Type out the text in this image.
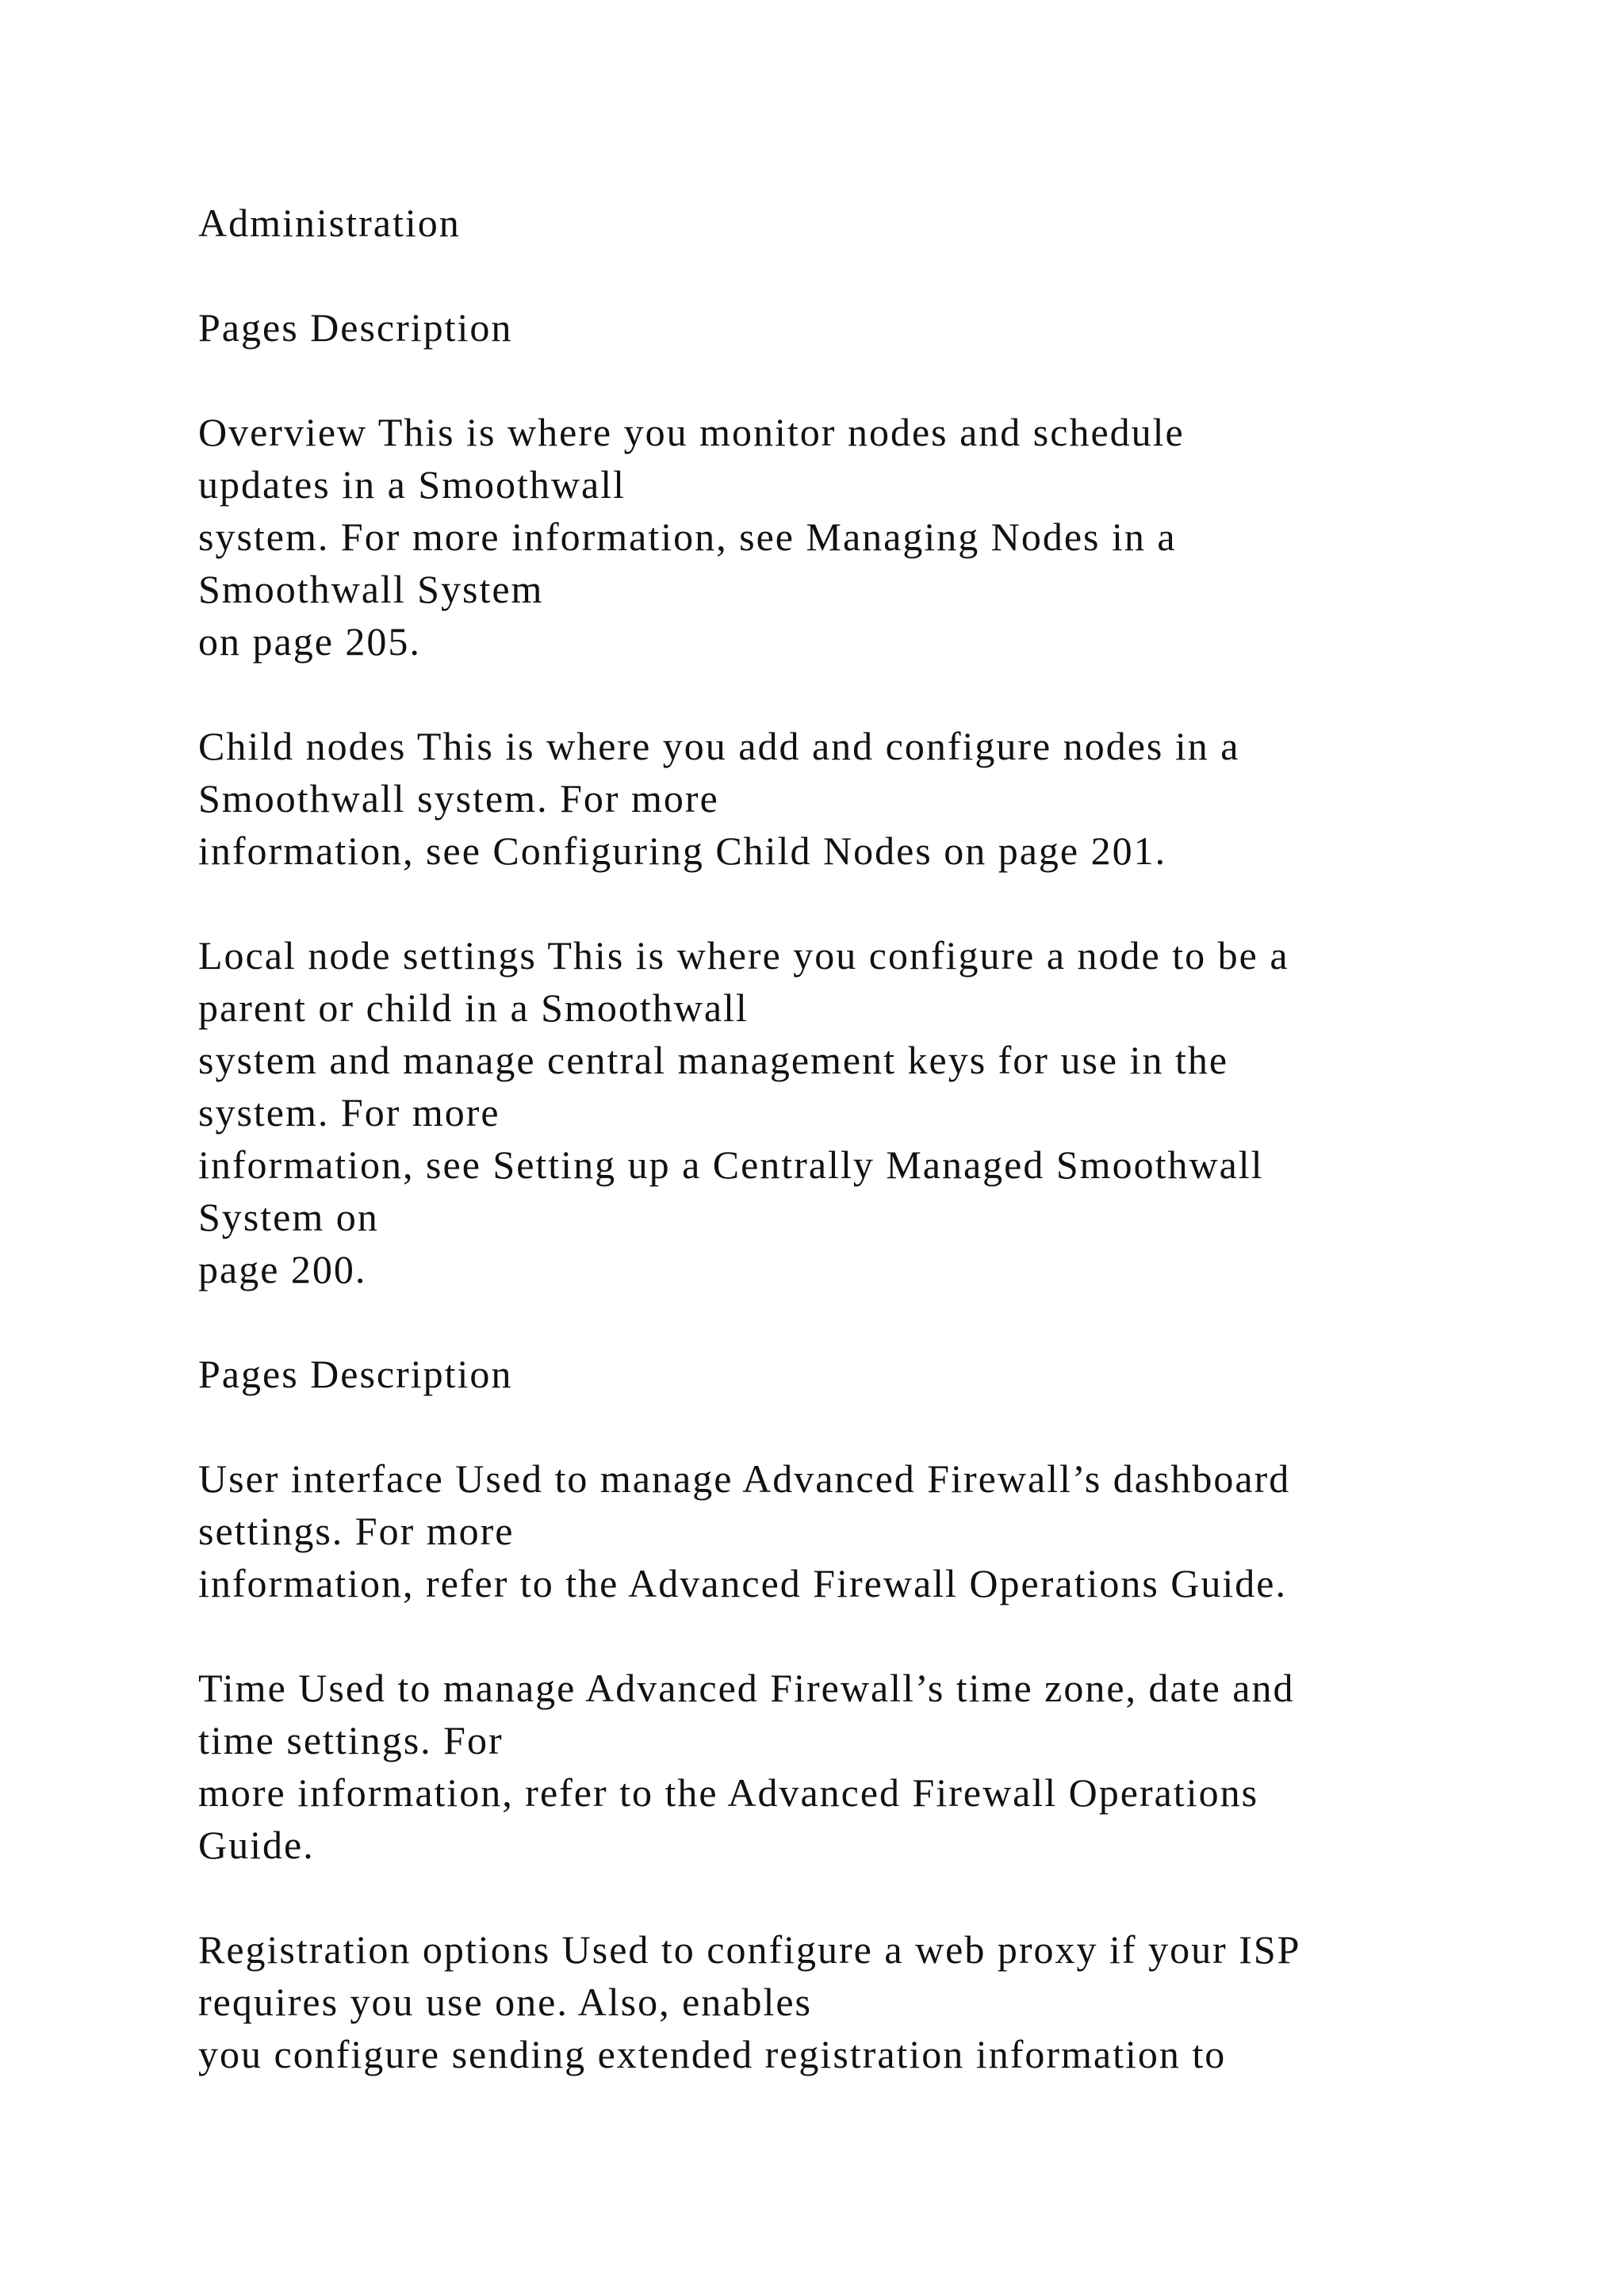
Administration
Pages Description
Overview This is where you monitor nodes and schedule
updates in a Smoothwall
system. For more information, see Managing Nodes in a
Smoothwall System
on page 205.
Child nodes This is where you add and configure nodes in a
Smoothwall system. For more
information, see Configuring Child Nodes on page 201.
Local node settings This is where you configure a node to be a
parent or child in a Smoothwall
system and manage central management keys for use in the
system. For more
information, see Setting up a Centrally Managed Smoothwall
System on
page 200.
Pages Description
User interface Used to manage Advanced Firewall’s dashboard
settings. For more
information, refer to the Advanced Firewall Operations Guide.
Time Used to manage Advanced Firewall’s time zone, date and
time settings. For
more information, refer to the Advanced Firewall Operations
Guide.
Registration options Used to configure a web proxy if your ISP
requires you use one. Also, enables
you configure sending extended registration information to
